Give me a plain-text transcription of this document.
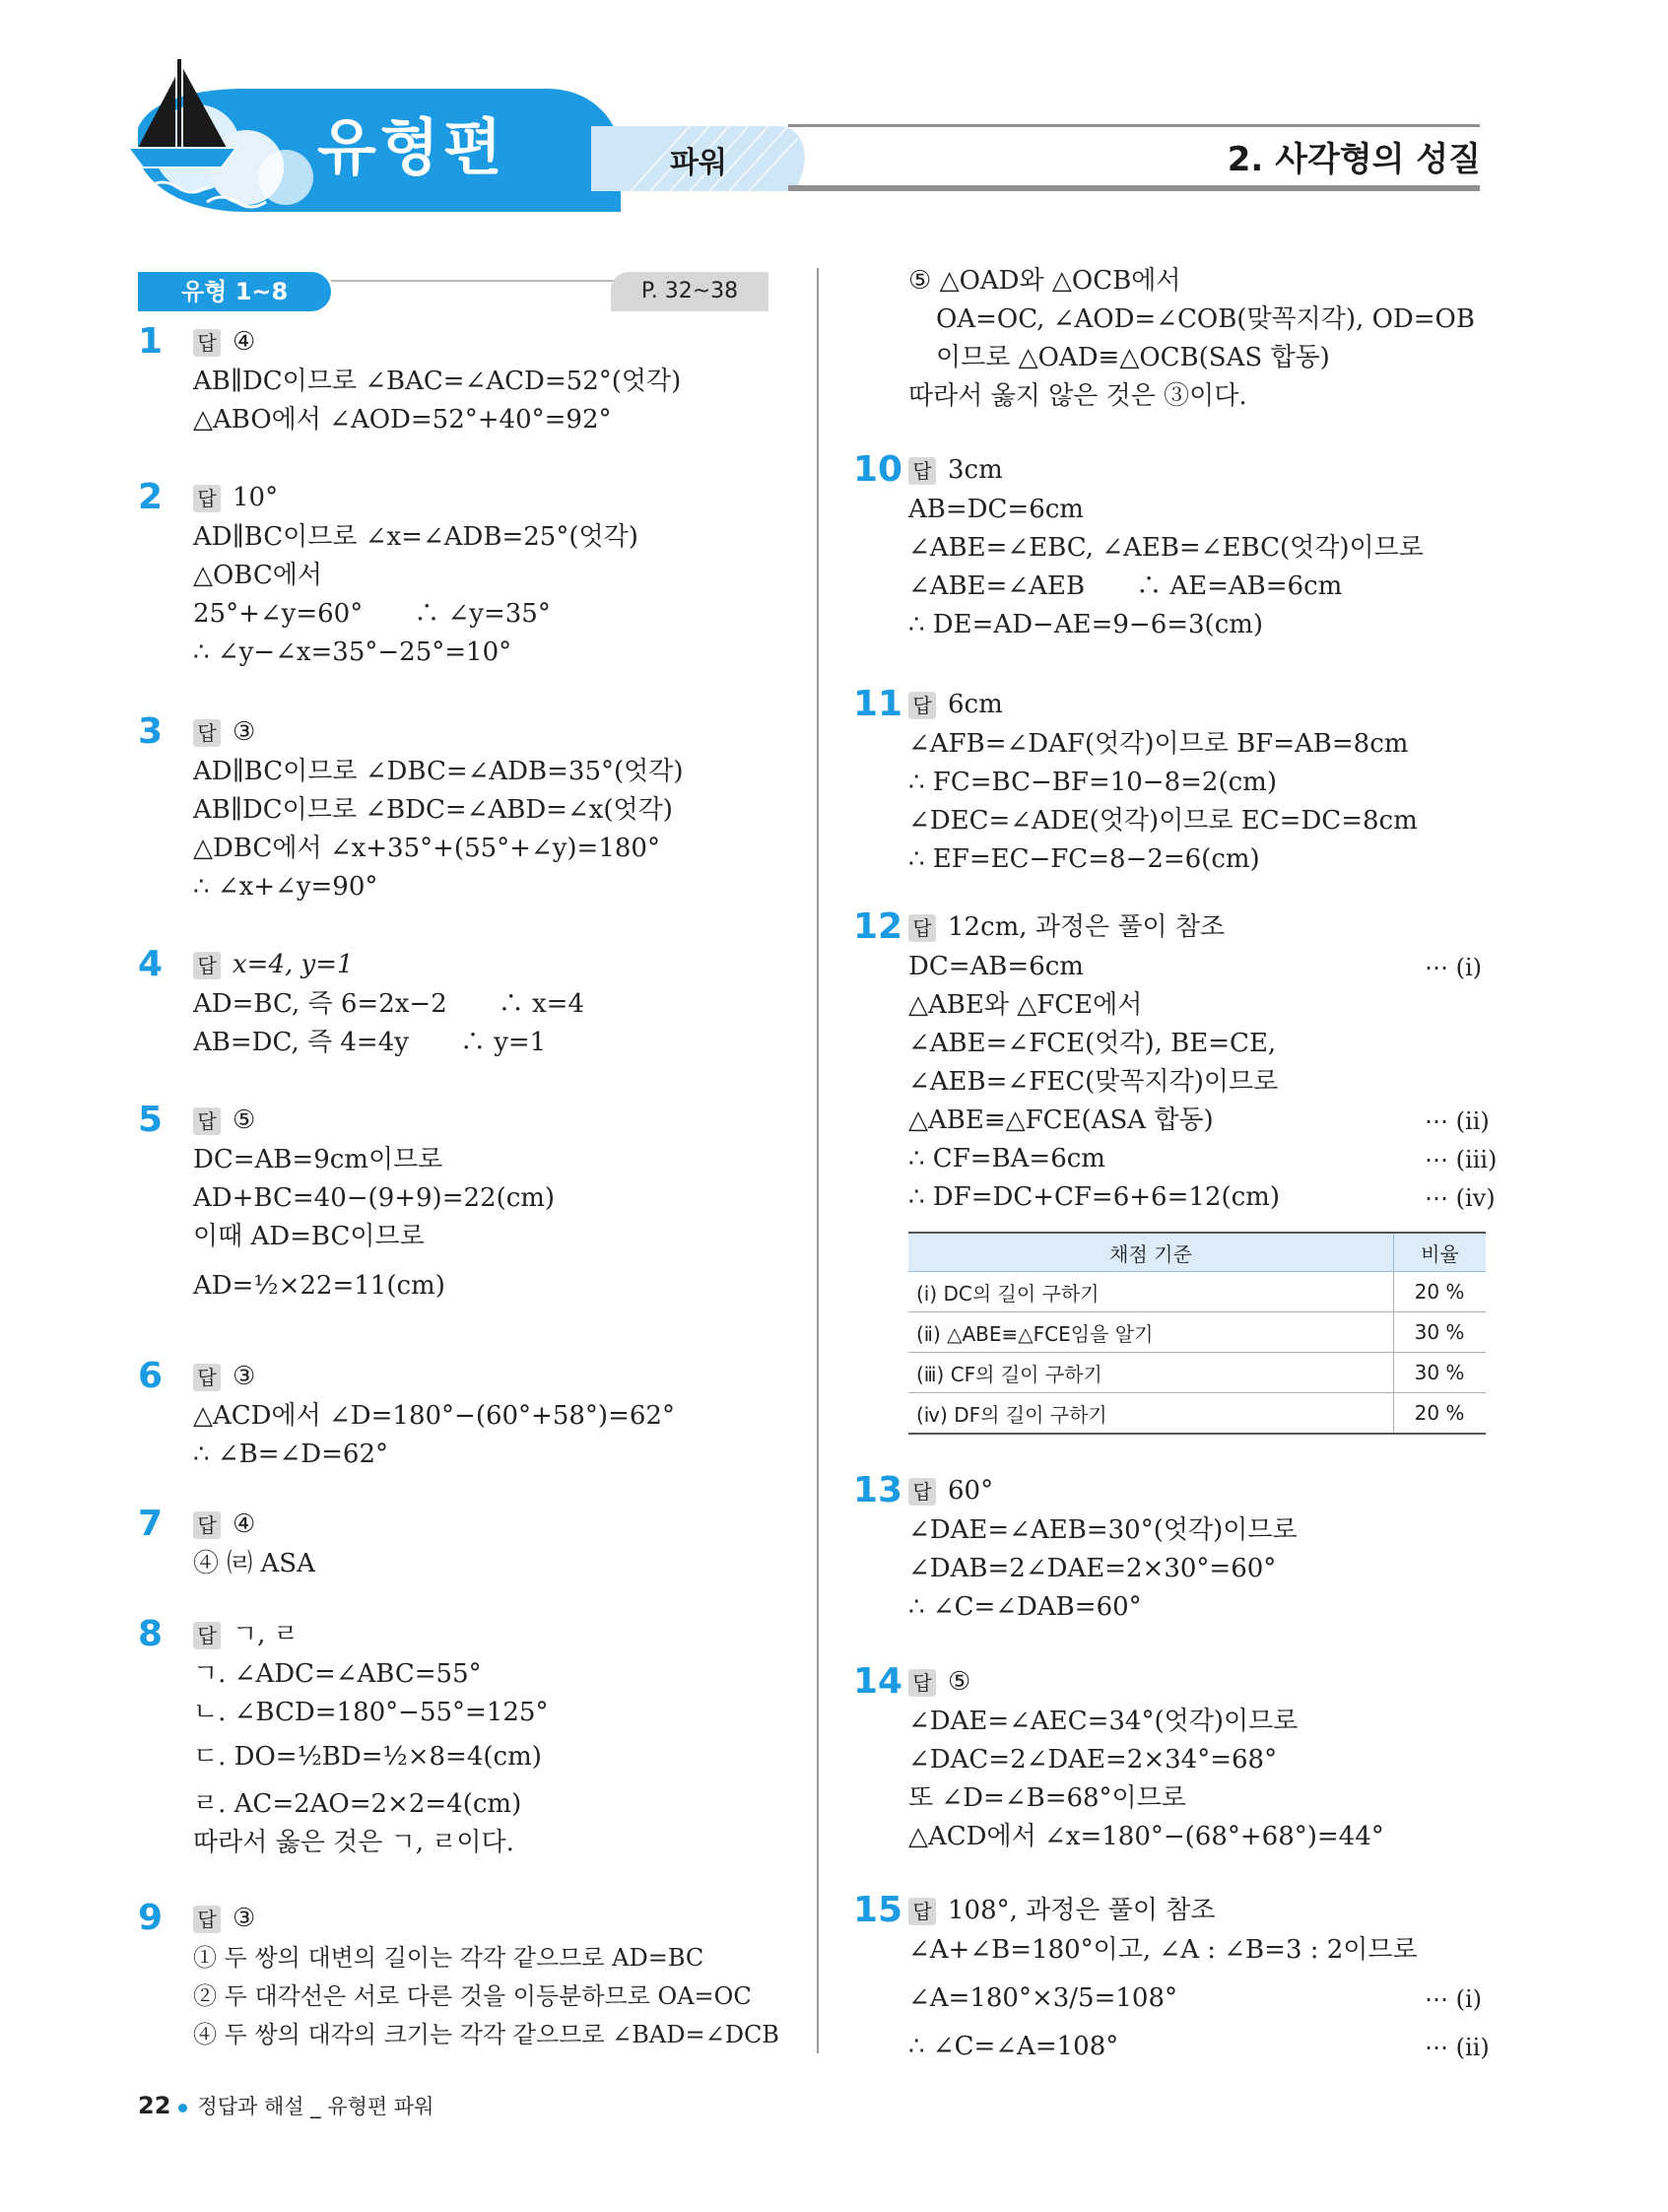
유형편	파워	2. 사각형의 성질
유형 1~8	P. 32~38
1 답 ④
AB∥DC이므로 ∠BAC=∠ACD=52°(엇각)
△ABO에서 ∠AOD=52°+40°=92°
2 답 10°
AD∥BC이므로 ∠x=∠ADB=25°(엇각)
△OBC에서
25°+∠y=60°　　∴ ∠y=35°
∴ ∠y−∠x=35°−25°=10°
3 답 ③
AD∥BC이므로 ∠DBC=∠ADB=35°(엇각)
AB∥DC이므로 ∠BDC=∠ABD=∠x(엇각)
△DBC에서 ∠x+35°+(55°+∠y)=180°
∴ ∠x+∠y=90°
4 답 x=4, y=1
AD=BC, 즉 6=2x−2　　∴ x=4
AB=DC, 즉 4=4y　　∴ y=1
5 답 ⑤
DC=AB=9cm이므로
AD+BC=40−(9+9)=22(cm)
이때 AD=BC이므로
AD=½×22=11(cm)
6 답 ③
△ACD에서 ∠D=180°−(60°+58°)=62°
∴ ∠B=∠D=62°
7 답 ④
④ ㈃ ASA
8 답 ㄱ, ㄹ
ㄱ. ∠ADC=∠ABC=55°
ㄴ. ∠BCD=180°−55°=125°
ㄷ. DO=½BD=½×8=4(cm)
ㄹ. AC=2AO=2×2=4(cm)
따라서 옳은 것은 ㄱ, ㄹ이다.
9 답 ③
① 두 쌍의 대변의 길이는 각각 같으므로 AD=BC
② 두 대각선은 서로 다른 것을 이등분하므로 OA=OC
④ 두 쌍의 대각의 크기는 각각 같으므로 ∠BAD=∠DCB
⑤ △OAD와 △OCB에서
OA=OC, ∠AOD=∠COB(맞꼭지각), OD=OB
이므로 △OAD≡△OCB(SAS 합동)
따라서 옳지 않은 것은 ③이다.
10 답 3cm
AB=DC=6cm
∠ABE=∠EBC, ∠AEB=∠EBC(엇각)이므로
∠ABE=∠AEB　　∴ AE=AB=6cm
∴ DE=AD−AE=9−6=3(cm)
11 답 6cm
∠AFB=∠DAF(엇각)이므로 BF=AB=8cm
∴ FC=BC−BF=10−8=2(cm)
∠DEC=∠ADE(엇각)이므로 EC=DC=8cm
∴ EF=EC−FC=8−2=6(cm)
12 답 12cm, 과정은 풀이 참조
DC=AB=6cm
△ABE와 △FCE에서
∠ABE=∠FCE(엇각), BE=CE,
∠AEB=∠FEC(맞꼭지각)이므로
△ABE≡△FCE(ASA 합동)
∴ CF=BA=6cm
∴ DF=DC+CF=6+6=12(cm)
⋯ (ⅰ)
⋯ (ⅱ)
⋯ (ⅲ)
⋯ (ⅳ)
채점 기준	비율
(ⅰ) DC의 길이 구하기	20 %
(ⅱ) △ABE≡△FCE임을 알기	30 %
(ⅲ) CF의 길이 구하기	30 %
(ⅳ) DF의 길이 구하기	20 %
13 답 60°
∠DAE=∠AEB=30°(엇각)이므로
∠DAB=2∠DAE=2×30°=60°
∴ ∠C=∠DAB=60°
14 답 ⑤
∠DAE=∠AEC=34°(엇각)이므로
∠DAC=2∠DAE=2×34°=68°
또 ∠D=∠B=68°이므로
△ACD에서 ∠x=180°−(68°+68°)=44°
15 답 108°, 과정은 풀이 참조
∠A+∠B=180°이고, ∠A : ∠B=3 : 2이므로
∠A=180°×3/5=108°
∴ ∠C=∠A=108°
⋯ (ⅰ)
⋯ (ⅱ)
22 정답과 해설 _ 유형편 파워
